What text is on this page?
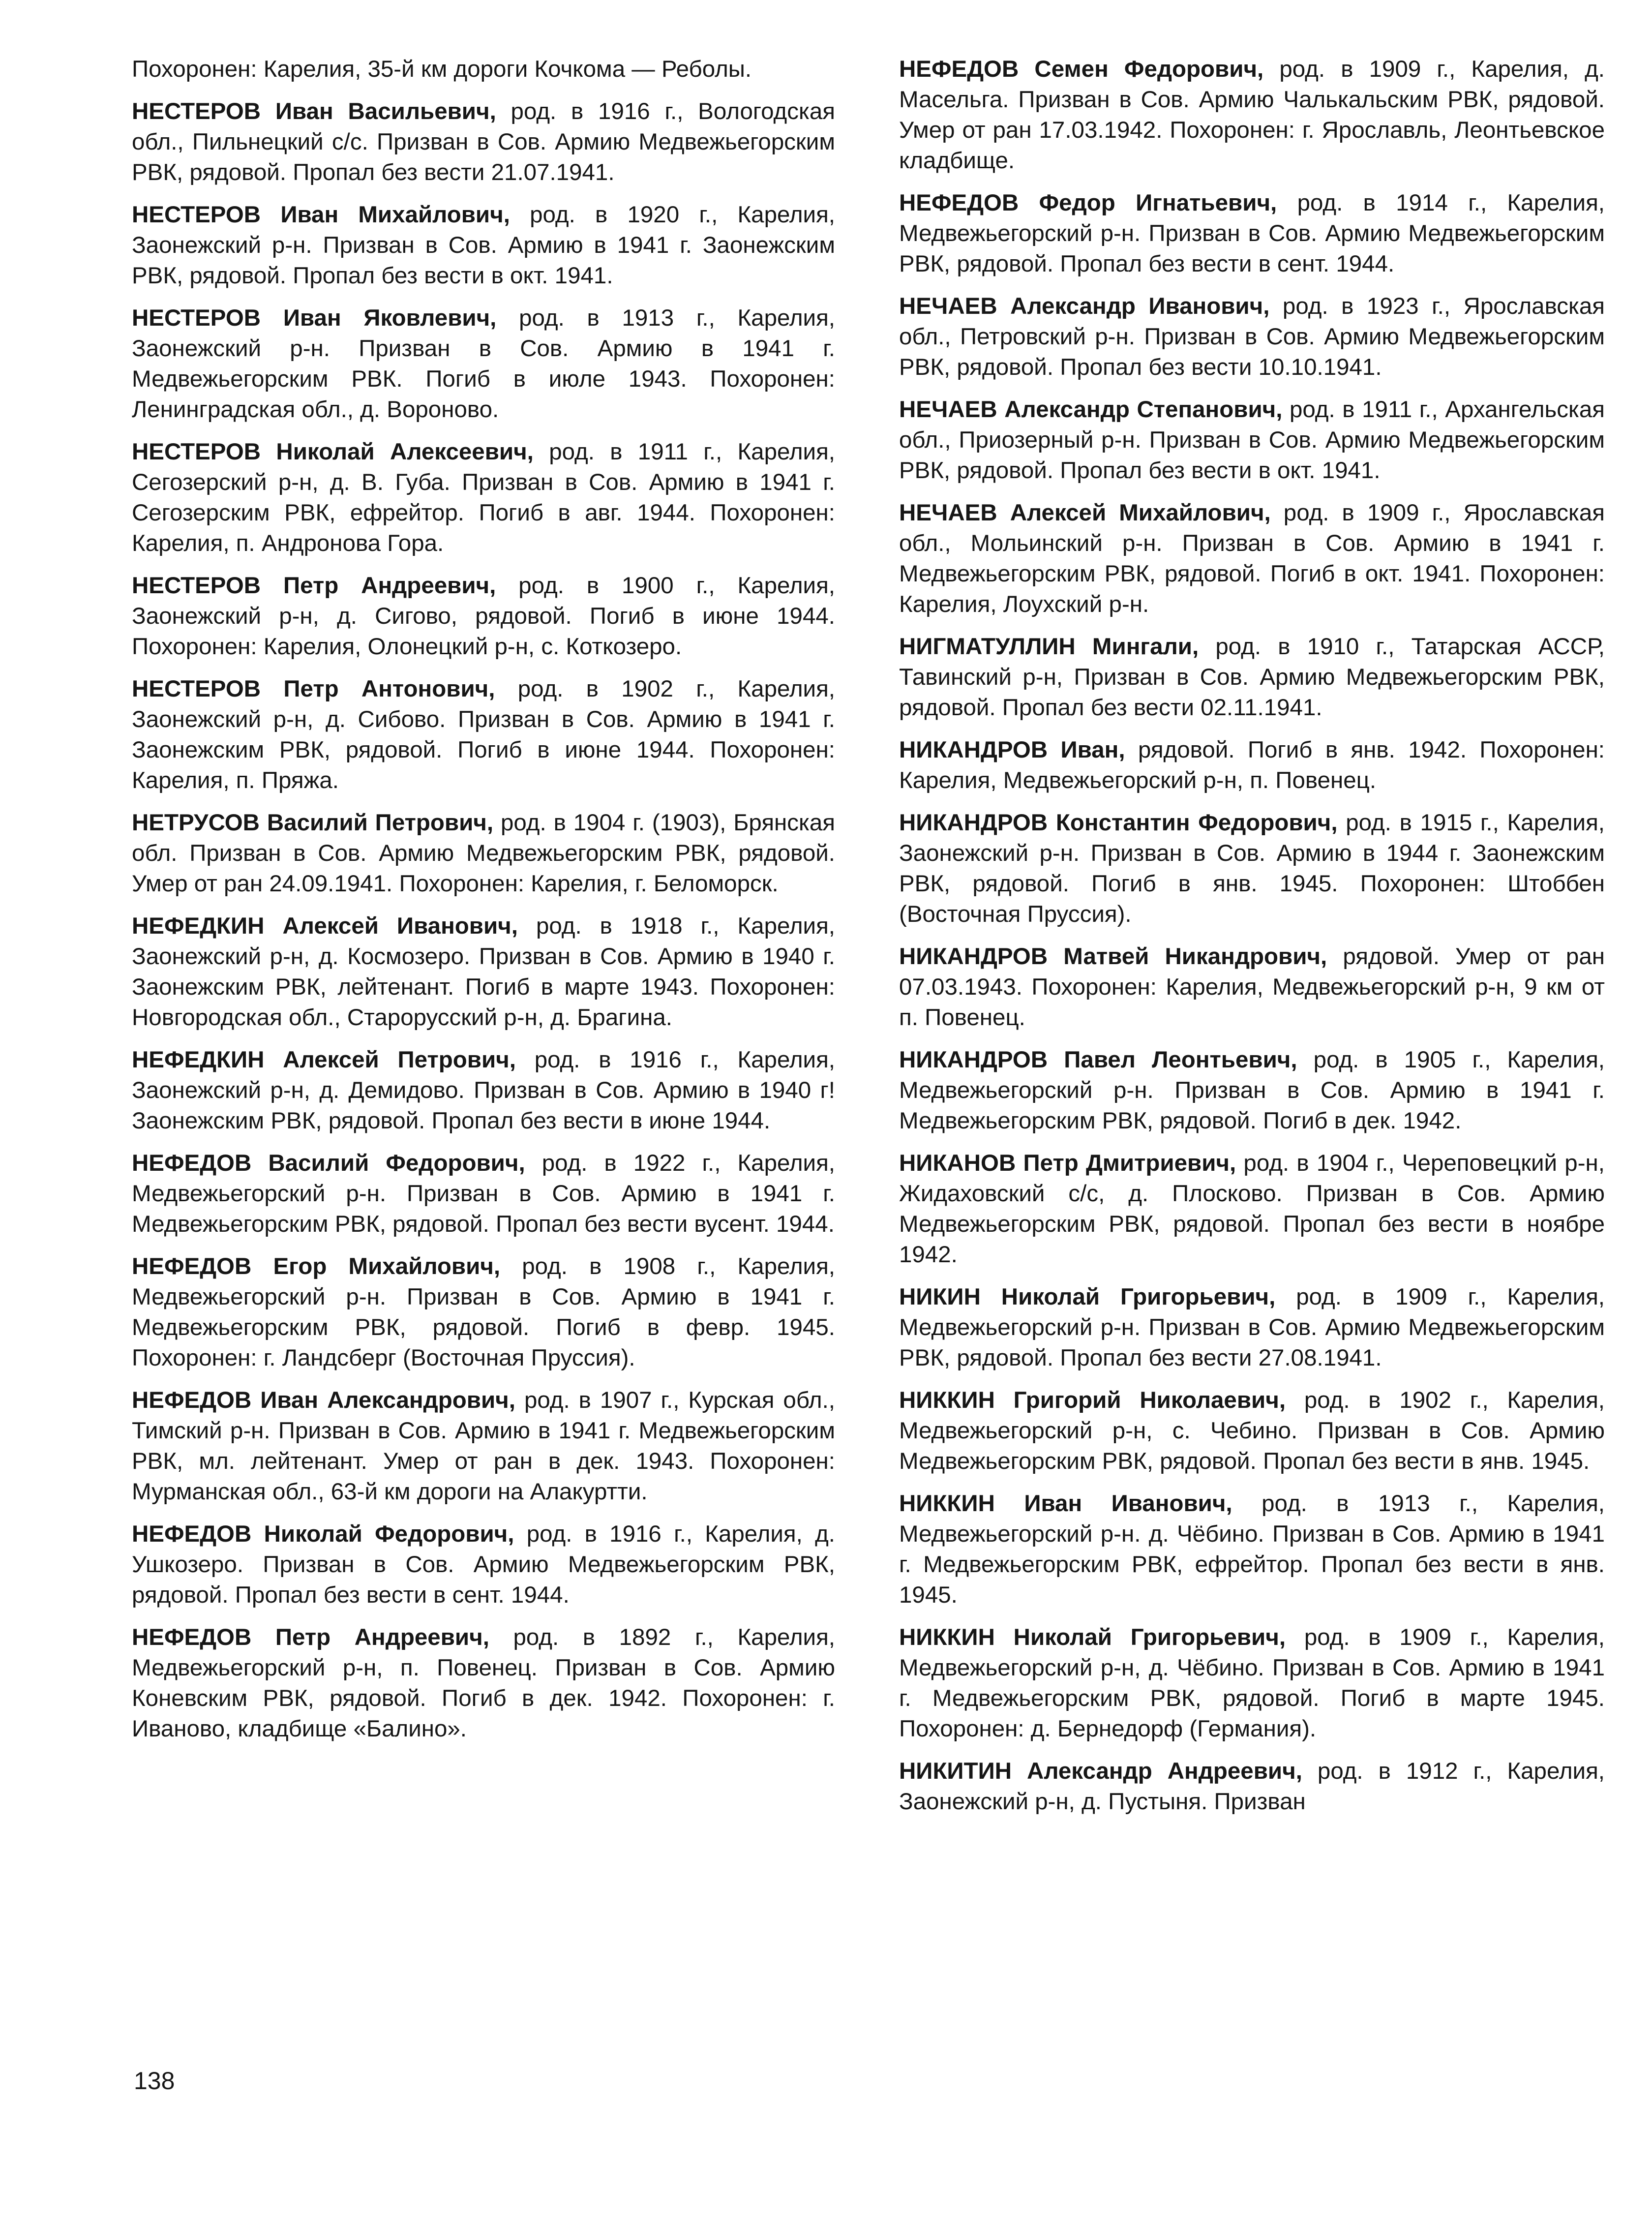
Похоронен: Карелия, 35-й км дороги Кочкома — Реболы.

НЕСТЕРОВ Иван Васильевич, род. в 1916 г., Вологодская обл., Пильнецкий с/с. Призван в Сов. Армию Медвежьегорским РВК, рядовой. Пропал без вести 21.07.1941.

НЕСТЕРОВ Иван Михайлович, род. в 1920 г., Карелия, Заонежский р-н. Призван в Сов. Армию в 1941 г. Заонежским РВК, рядовой. Пропал без вести в окт. 1941.

НЕСТЕРОВ Иван Яковлевич, род. в 1913 г., Карелия, Заонежский р-н. Призван в Сов. Армию в 1941 г. Медвежьегорским РВК. Погиб в июле 1943. Похоронен: Ленинградская обл., д. Вороново.

НЕСТЕРОВ Николай Алексеевич, род. в 1911 г., Карелия, Сегозерский р-н, д. В. Губа. Призван в Сов. Армию в 1941 г. Сегозерским РВК, ефрейтор. Погиб в авг. 1944. Похоронен: Карелия, п. Андронова Гора.

НЕСТЕРОВ Петр Андреевич, род. в 1900 г., Карелия, Заонежский р-н, д. Сигово, рядовой. Погиб в июне 1944. Похоронен: Карелия, Олонецкий р-н, с. Коткозеро.

НЕСТЕРОВ Петр Антонович, род. в 1902 г., Карелия, Заонежский р-н, д. Сибово. Призван в Сов. Армию в 1941 г. Заонежским РВК, рядовой. Погиб в июне 1944. Похоронен: Карелия, п. Пряжа.

НЕТРУСОВ Василий Петрович, род. в 1904 г. (1903), Брянская обл. Призван в Сов. Армию Медвежьегорским РВК, рядовой. Умер от ран 24.09.1941. Похоронен: Карелия, г. Беломорск.

НЕФЕДКИН Алексей Иванович, род. в 1918 г., Карелия, Заонежский р-н, д. Космозеро. Призван в Сов. Армию в 1940 г. Заонежским РВК, лейтенант. Погиб в марте 1943. Похоронен: Новгородская обл., Старорусский р-н, д. Брагина.

НЕФЕДКИН Алексей Петрович, род. в 1916 г., Карелия, Заонежский р-н, д. Демидово. Призван в Сов. Армию в 1940 г! Заонежским РВК, рядовой. Пропал без вести в июне 1944.

НЕФЕДОВ Василий Федорович, род. в 1922 г., Карелия, Медвежьегорский р-н. Призван в Сов. Армию в 1941 г. Медвежьегорским РВК, рядовой. Пропал без вести вусент. 1944.

НЕФЕДОВ Егор Михайлович, род. в 1908 г., Карелия, Медвежьегорский р-н. Призван в Сов. Армию в 1941 г. Медвежьегорским РВК, рядовой. Погиб в февр. 1945. Похоронен: г. Ландсберг (Восточная Пруссия).

НЕФЕДОВ Иван Александрович, род. в 1907 г., Курская обл., Тимский р-н. Призван в Сов. Армию в 1941 г. Медвежьегорским РВК, мл. лейтенант. Умер от ран в дек. 1943. Похоронен: Мурманская обл., 63-й км дороги на Алакуртти.

НЕФЕДОВ Николай Федорович, род. в 1916 г., Карелия, д. Ушкозеро. Призван в Сов. Армию Медвежьегорским РВК, рядовой. Пропал без вести в сент. 1944.

НЕФЕДОВ Петр Андреевич, род. в 1892 г., Карелия, Медвежьегорский р-н, п. Повенец. Призван в Сов. Армию Коневским РВК, рядовой. Погиб в дек. 1942. Похоронен: г. Иваново, кладбище «Балино».

НЕФЕДОВ Семен Федорович, род. в 1909 г., Карелия, д. Масельга. Призван в Сов. Армию Чалькальским РВК, рядовой. Умер от ран 17.03.1942. Похоронен: г. Ярославль, Леонтьевское кладбище.

НЕФЕДОВ Федор Игнатьевич, род. в 1914 г., Карелия, Медвежьегорский р-н. Призван в Сов. Армию Медвежьегорским РВК, рядовой. Пропал без вести в сент. 1944.

НЕЧАЕВ Александр Иванович, род. в 1923 г., Ярославская обл., Петровский р-н. Призван в Сов. Армию Медвежьегорским РВК, рядовой. Пропал без вести 10.10.1941.

НЕЧАЕВ Александр Степанович, род. в 1911 г., Архангельская обл., Приозерный р-н. Призван в Сов. Армию Медвежьегорским РВК, рядовой. Пропал без вести в окт. 1941.

НЕЧАЕВ Алексей Михайлович, род. в 1909 г., Ярославская обл., Мольинский р-н. Призван в Сов. Армию в 1941 г. Медвежьегорским РВК, рядовой. Погиб в окт. 1941. Похоронен: Карелия, Лоухский р-н.

НИГМАТУЛЛИН Мингали, род. в 1910 г., Татарская АССР, Тавинский р-н, Призван в Сов. Армию Медвежьегорским РВК, рядовой. Пропал без вести 02.11.1941.

НИКАНДРОВ Иван, рядовой. Погиб в янв. 1942. Похоронен: Карелия, Медвежьегорский р-н, п. Повенец.

НИКАНДРОВ Константин Федорович, род. в 1915 г., Карелия, Заонежский р-н. Призван в Сов. Армию в 1944 г. Заонежским РВК, рядовой. Погиб в янв. 1945. Похоронен: Штоббен (Восточная Пруссия).

НИКАНДРОВ Матвей Никандрович, рядовой. Умер от ран 07.03.1943. Похоронен: Карелия, Медвежьегорский р-н, 9 км от п. Повенец.

НИКАНДРОВ Павел Леонтьевич, род. в 1905 г., Карелия, Медвежьегорский р-н. Призван в Сов. Армию в 1941 г. Медвежьегорским РВК, рядовой. Погиб в дек. 1942.

НИКАНОВ Петр Дмитриевич, род. в 1904 г., Череповецкий р-н, Жидаховский с/с, д. Плосково. Призван в Сов. Армию Медвежьегорским РВК, рядовой. Пропал без вести в ноябре 1942.

НИКИН Николай Григорьевич, род. в 1909 г., Карелия, Медвежьегорский р-н. Призван в Сов. Армию Медвежьегорским РВК, рядовой. Пропал без вести 27.08.1941.

НИККИН Григорий Николаевич, род. в 1902 г., Карелия, Медвежьегорский р-н, с. Чебино. Призван в Сов. Армию Медвежьегорским РВК, рядовой. Пропал без вести в янв. 1945.

НИККИН Иван Иванович, род. в 1913 г., Карелия, Медвежьегорский р-н. д. Чёбино. Призван в Сов. Армию в 1941 г. Медвежьегорским РВК, ефрейтор. Пропал без вести в янв. 1945.

НИККИН Николай Григорьевич, род. в 1909 г., Карелия, Медвежьегорский р-н, д. Чёбино. Призван в Сов. Армию в 1941 г. Медвежьегорским РВК, рядовой. Погиб в марте 1945. Похоронен: д. Бернедорф (Германия).

НИКИТИН Александр Андреевич, род. в 1912 г., Карелия, Заонежский р-н, д. Пустыня. Призван

138
